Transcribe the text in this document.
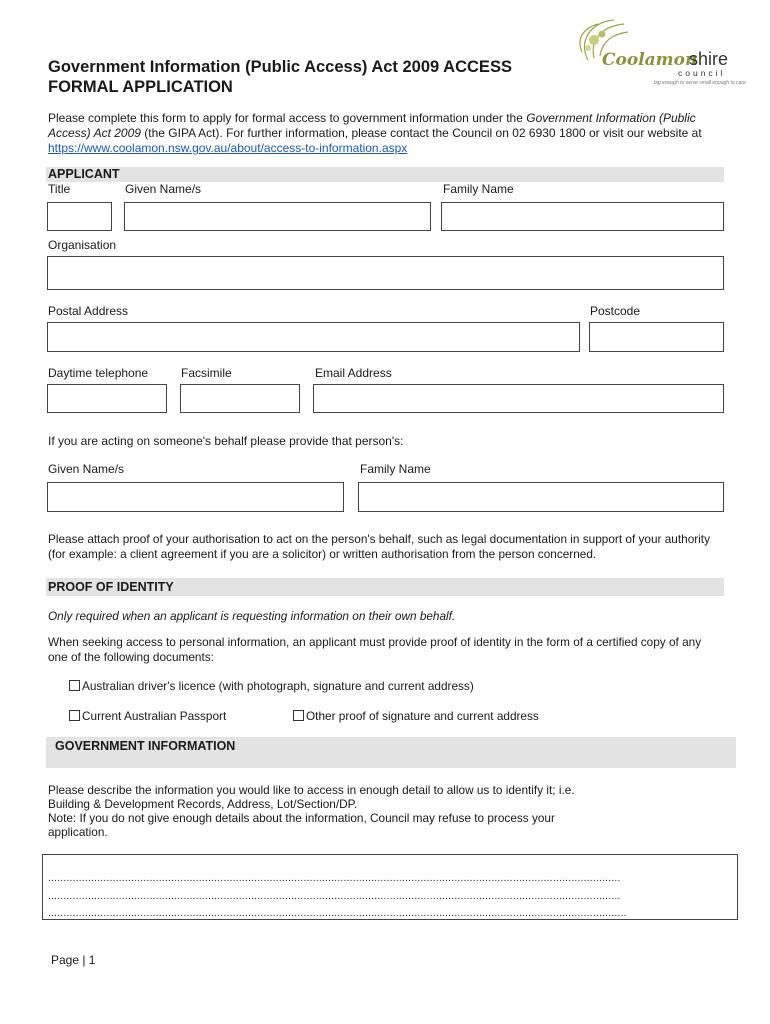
Government Information (Public Access) Act 2009 ACCESS
FORMAL APPLICATION
Coolamon
shire
council
big enough to serve small enough to care
Please complete this form to apply for formal access to government information under the Government Information (Public Access) Act 2009 (the GIPA Act). For further information, please contact the Council on 02 6930 1800 or visit our website at https://www.coolamon.nsw.gov.au/about/access-to-information.aspx
APPLICANT
Title	Given Name/s	Family Name
Organisation
Postal Address	Postcode
Daytime telephone	Facsimile	Email Address
If you are acting on someone's behalf please provide that person's:
Given Name/s	Family Name
Please attach proof of your authorisation to act on the person's behalf, such as legal documentation in support of your authority (for example: a client agreement if you are a solicitor) or written authorisation from the person concerned.
PROOF OF IDENTITY
Only required when an applicant is requesting information on their own behalf.
When seeking access to personal information, an applicant must provide proof of identity in the form of a certified copy of any one of the following documents:
Australian driver's licence (with photograph, signature and current address)
Current Australian Passport	Other proof of signature and current address
GOVERNMENT INFORMATION
Please describe the information you would like to access in enough detail to allow us to identify it; i.e.
Building & Development Records, Address, Lot/Section/DP.
Note: If you do not give enough details about the information, Council may refuse to process your
application.
..........................................................................................................................................................................................
..........................................................................................................................................................................................
............................................................................................................................................................................................
Page | 1
